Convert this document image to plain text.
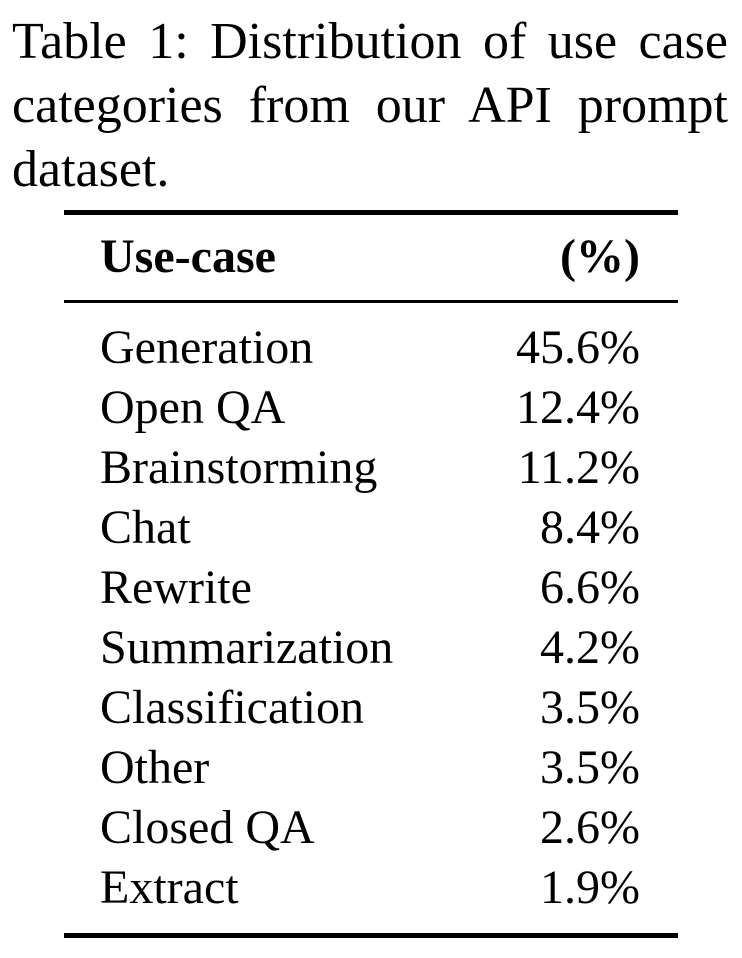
Table 1: Distribution of use case categories from our API prompt dataset.

Use-case	(%)
Generation	45.6%
Open QA	12.4%
Brainstorming	11.2%
Chat	8.4%
Rewrite	6.6%
Summarization	4.2%
Classification	3.5%
Other	3.5%
Closed QA	2.6%
Extract	1.9%
